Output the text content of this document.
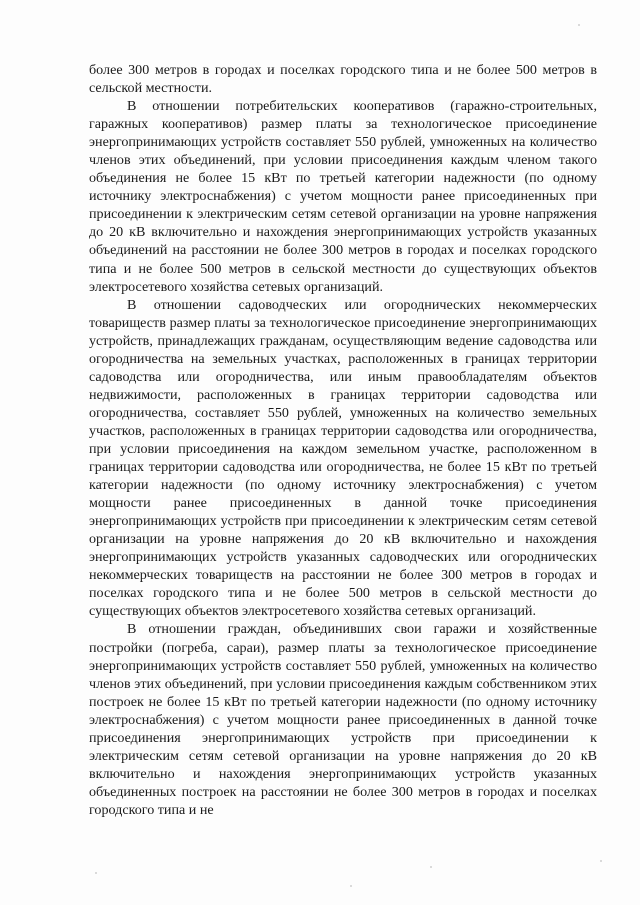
более 300 метров в городах и поселках городского типа и не более 500 метров в сельской местности.

В отношении потребительских кооперативов (гаражно-строительных, гаражных кооперативов) размер платы за технологическое присоединение энергопринимающих устройств составляет 550 рублей, умноженных на количество членов этих объединений, при условии присоединения каждым членом такого объединения не более 15 кВт по третьей категории надежности (по одному источнику электроснабжения) с учетом мощности ранее присоединенных при присоединении к электрическим сетям сетевой организации на уровне напряжения до 20 кВ включительно и нахождения энергопринимающих устройств указанных объединений на расстоянии не более 300 метров в городах и поселках городского типа и не более 500 метров в сельской местности до существующих объектов электросетевого хозяйства сетевых организаций.

В отношении садоводческих или огороднических некоммерческих товариществ размер платы за технологическое присоединение энергопринимающих устройств, принадлежащих гражданам, осуществляющим ведение садоводства или огородничества на земельных участках, расположенных в границах территории садоводства или огородничества, или иным правообладателям объектов недвижимости, расположенных в границах территории садоводства или огородничества, составляет 550 рублей, умноженных на количество земельных участков, расположенных в границах территории садоводства или огородничества, при условии присоединения на каждом земельном участке, расположенном в границах территории садоводства или огородничества, не более 15 кВт по третьей категории надежности (по одному источнику электроснабжения) с учетом мощности ранее присоединенных в данной точке присоединения энергопринимающих устройств при присоединении к электрическим сетям сетевой организации на уровне напряжения до 20 кВ включительно и нахождения энергопринимающих устройств указанных садоводческих или огороднических некоммерческих товариществ на расстоянии не более 300 метров в городах и поселках городского типа и не более 500 метров в сельской местности до существующих объектов электросетевого хозяйства сетевых организаций.

В отношении граждан, объединивших свои гаражи и хозяйственные постройки (погреба, сараи), размер платы за технологическое присоединение энергопринимающих устройств составляет 550 рублей, умноженных на количество членов этих объединений, при условии присоединения каждым собственником этих построек не более 15 кВт по третьей категории надежности (по одному источнику электроснабжения) с учетом мощности ранее присоединенных в данной точке присоединения энергопринимающих устройств при присоединении к электрическим сетям сетевой организации на уровне напряжения до 20 кВ включительно и нахождения энергопринимающих устройств указанных объединенных построек на расстоянии не более 300 метров в городах и поселках городского типа и не
